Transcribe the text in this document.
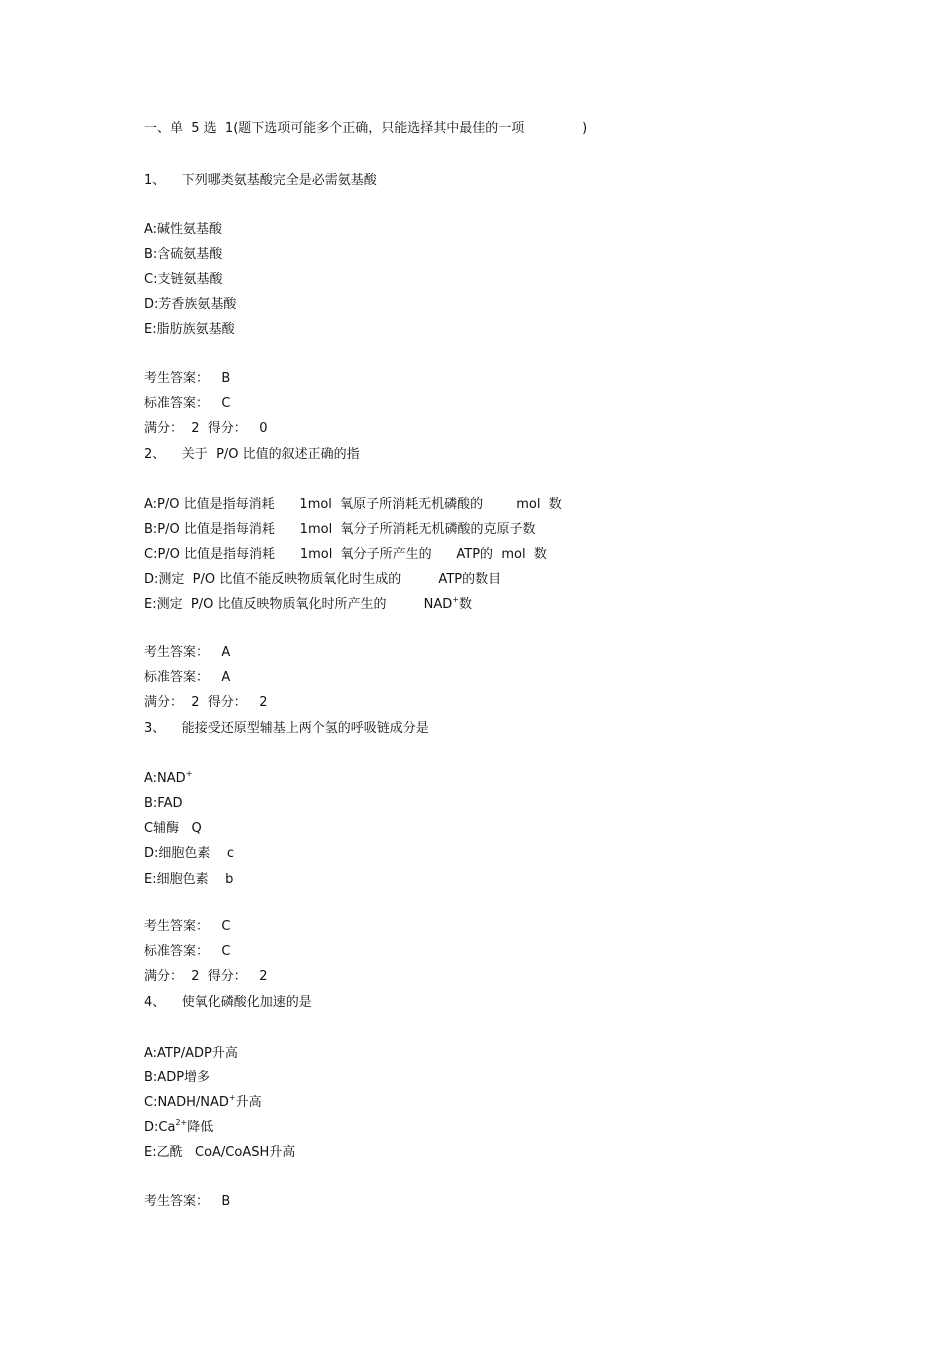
一、单  5 选  1(题下选项可能多个正确，只能选择其中最佳的一项              )
1、    下列哪类氨基酸完全是必需氨基酸
A:碱性氨基酸
B:含硫氨基酸
C:支链氨基酸
D:芳香族氨基酸
E:脂肪族氨基酸
考生答案：   B
标准答案：   C
满分：  2  得分：   0
2、    关于  P/O 比值的叙述正确的指
A:P/O 比值是指每消耗      1mol  氧原子所消耗无机磷酸的        mol  数
B:P/O 比值是指每消耗      1mol  氧分子所消耗无机磷酸的克原子数
C:P/O 比值是指每消耗      1mol  氧分子所产生的      ATP的  mol  数
D:测定  P/O 比值不能反映物质氧化时生成的         ATP的数目
E:测定  P/O 比值反映物质氧化时所产生的         NAD+数
考生答案：   A
标准答案：   A
满分：  2  得分：   2
3、    能接受还原型辅基上两个氢的呼吸链成分是
A:NAD+
B:FAD
C辅酶   Q
D:细胞色素    c
E:细胞色素    b
考生答案：   C
标准答案：   C
满分：  2  得分：   2
4、    使氧化磷酸化加速的是
A:ATP/ADP升高
B:ADP增多
C:NADH/NAD+升高
$D:Ca^{2+}$降低
E:乙酰   CoA/CoASH升高
考生答案：   B
